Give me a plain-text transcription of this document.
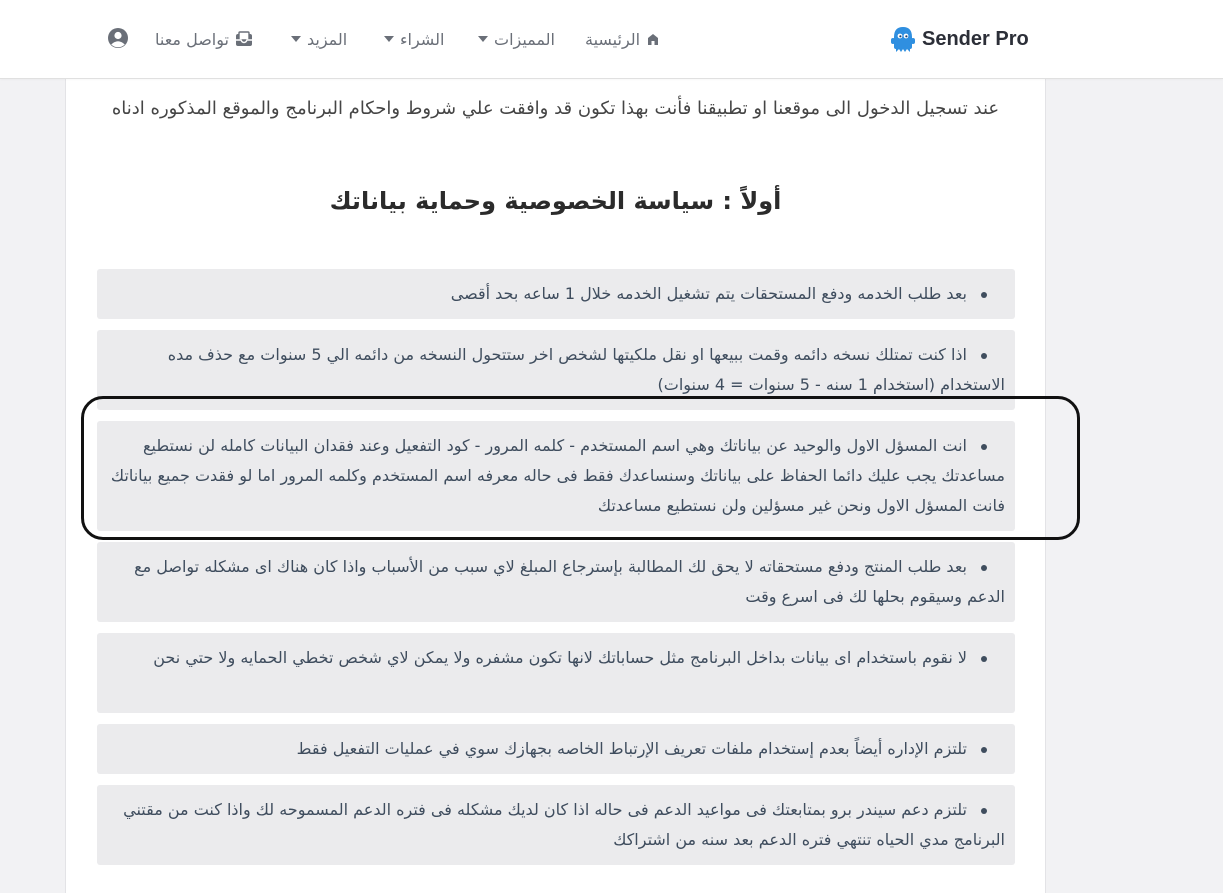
عند تسجيل الدخول الى موقعنا او تطبيقنا فأنت بهذا تكون قد وافقت علي شروط واحكام البرنامج والموقع المذكوره ادناه
أولاً : سياسة الخصوصية وحماية بياناتك
بعد طلب الخدمه ودفع المستحقات يتم تشغيل الخدمه خلال 1 ساعه بحد أقصى
اذا كنت تمتلك نسخه دائمه وقمت ببيعها او نقل ملكيتها لشخص اخر ستتحول النسخه من دائمه الي 5 سنوات مع حذف مده الاستخدام (استخدام 1 سنه - 5 سنوات = 4 سنوات)
انت المسؤل الاول والوحيد عن بياناتك وهي اسم المستخدم - كلمه المرور - كود التفعيل وعند فقدان البيانات كامله لن نستطيع مساعدتك يجب عليك دائما الحفاظ على بياناتك وسنساعدك فقط فى حاله معرفه اسم المستخدم وكلمه المرور اما لو فقدت جميع بياناتك فانت المسؤل الاول ونحن غير مسؤلين ولن نستطيع مساعدتك
بعد طلب المنتج ودفع مستحقاته لا يحق لك المطالبة بإسترجاع المبلغ لاي سبب من الأسباب واذا كان هناك اى مشكله تواصل مع الدعم وسيقوم بحلها لك فى اسرع وقت
لا نقوم باستخدام اى بيانات بداخل البرنامج مثل حساباتك لانها تكون مشفره ولا يمكن لاي شخص تخطي الحمايه ولا حتي نحن
تلتزم الإداره أيضاً بعدم إستخدام ملفات تعريف الإرتباط الخاصه بجهازك سوي في عمليات التفعيل فقط
تلتزم دعم سيندر برو بمتابعتك فى مواعيد الدعم فى حاله اذا كان لديك مشكله فى فتره الدعم المسموحه لك واذا كنت من مقتني البرنامج مدي الحياه تنتهي فتره الدعم بعد سنه من اشتراكك
Sender Pro
الرئيسية
المميزات
الشراء
المزيد
تواصل معنا
